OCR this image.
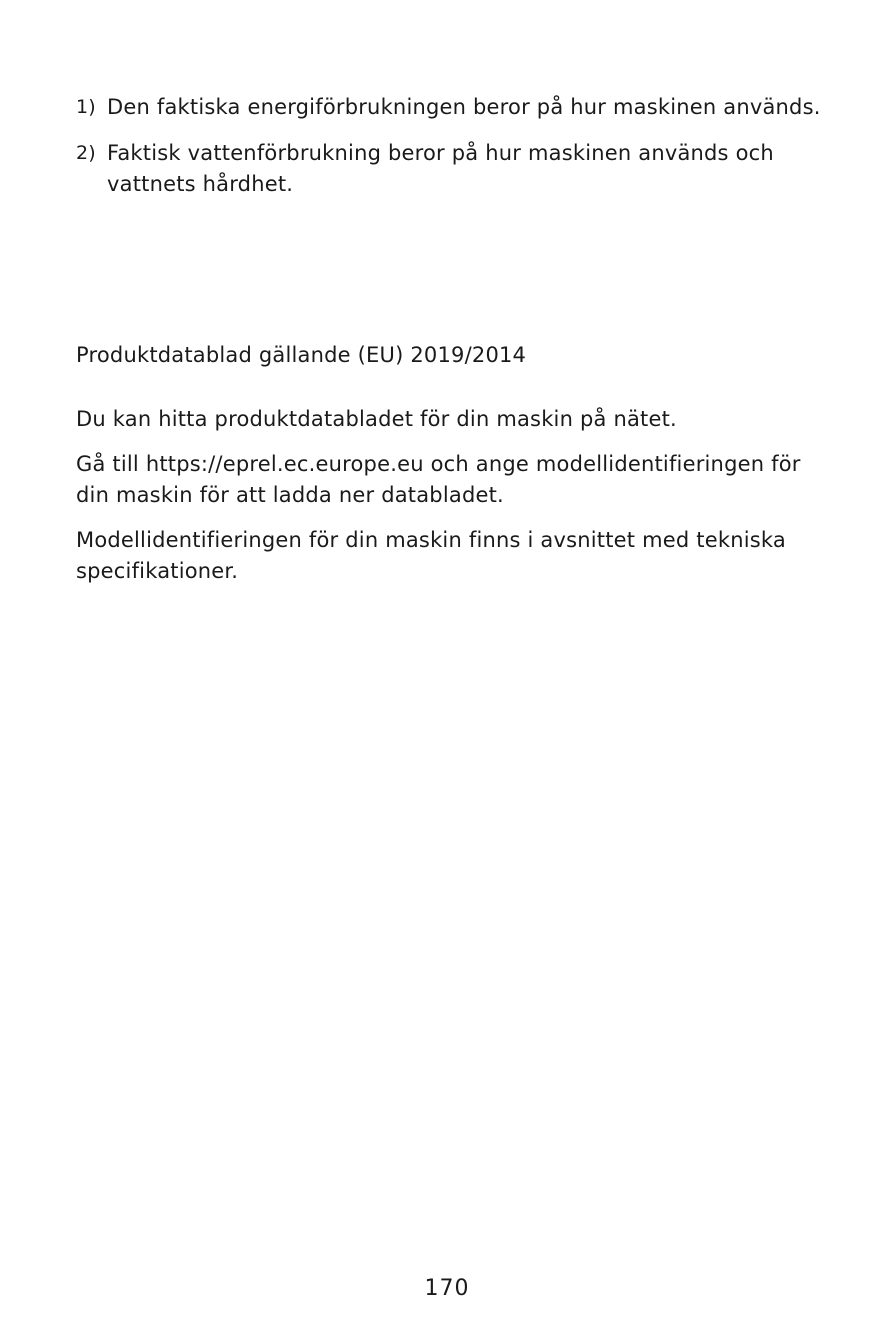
1) Den faktiska energiförbrukningen beror på hur maskinen används.
2) Faktisk vattenförbrukning beror på hur maskinen används och vattnets hårdhet.
Produktdatablad gällande (EU) 2019/2014

Du kan hitta produktdatabladet för din maskin på nätet.

Gå till https://eprel.ec.europe.eu och ange modellidentifieringen för din maskin för att ladda ner databladet.

Modellidentifieringen för din maskin finns i avsnittet med tekniska specifikationer.

170
